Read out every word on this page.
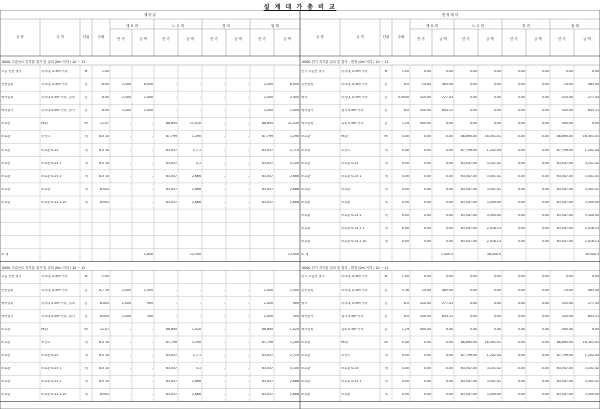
설 계 대 가 총 비 교
계 약 분
공 종	규 격	단위	수량
재 료 비
단 가	금 액
노 무 비
단 가	금 액
경 비
단 가	금 액
합 계
단 가	금 액
변 경 계 약
공 종	규 격	단위	수량
재 료 비
단 가	금 액
노 무 비
단 가	금 액
경 비
단 가	금 액
합 계
단 가	금 액
0000 고압선로 지지물 철거 및 설치 (0m 이하 / 10 ~ 12	0000 전기 지지물 설치 및 철거 - 변경 (0m 이하 / 10 ~ 12
고압 전선 철거	지지대, 0.5m 이하	M	1.00	전기 고압선 철거	지지대, 0.5m 이하	M	1.00	0.00	0.00	0.00	0.00	0.00	0.00	0.00	0.00
전선설치	지지대, 0.5m 이하	본	8.00	2,500	8,000	-	-	-	-	2,500	8,000 전선설치	지지대, 0.5m 이하	본	8.0	14.00	483.00	0.00	0.00	0.00	0.00	14.00	483.00
애자설치	지지대 0.5m 이하, 설치	본	8.00	2,500	2,400	-	-	-	-	2,500	2,400 애자	지지대, 0.5m 이하	본	0.0050	520.00	277.43	0.00	0.00	0.00	0.00	520.00	277.43
애자철거	지지대 0.5m 이하, 철거	본	8.00	2,500	2,000	-	-	-	-	2,500	2,000 애자철거	철거 0.5m 이하	본	8.0	520.00	643.11	0.00	0.00	0.00	0.00	520.00	643.11
보호관	PE관	m	12.07	-	-	88,895	11,520	-	-	88,895	11,520 애자설치	설치 0.5m 이하	본	1.29	400.00	9.00	0.00	0.00	0.00	0.00	400.00	9.00
보호관	조인트	개	8.0 10	-	-	87,799	1,290	-	-	87,799	1,290 보호관	PE관	m	0.00	0.00	0.00	88,895.00	16,301.01	0.00	0.00	88,895.00	16,301.01
보호관	보호관 0.25	개	8.0 10	-	-	63,047	2,7 1	-	-	63,047	2,710 보호관	조인트	개	0.00	0.00	0.00	87,799.00	1,202.04	0.00	0.00	87,799.00	1,202.04
보호관	보호관 0.25 1	개	8.0 10	-	-	63,047	5,1	-	-	63,047	5,100 보호관	보호관 0.25	개	0.00	0.00	0.00	63,047.00	3,101.42	0.00	0.00	63,047.00	3,101.42
보호관	보호관 0.25 2	개	8.0 10	-	-	63,047	2,666	-	-	63,047	2,666 보호관	보호관 0.25 1	개	0.00	0.00	0.00	63,047.00	3,501.41	0.00	0.00	63,047.00	3,501.41
보호관	보호관	개	8.002	-	-	63,047	2,666	-	-	63,047	2,666 보호관	보호관	개	0.00	0.00	0.00	63,047.00	3,501.41	0.00	0.00	63,047.00	3,501.41
보호관	보호관 0.25 2 20	개	8.002	-	-	63,047	2,666	-	-	63,047	2,666 보호관	보호관	개	0.00	0.00	0.00	63,047.00	3,500.00	0.00	0.00	63,047.00	3,500.00
보호관	보호관 0.25 2	개	0.00	0.00	0.00	63,047.00	3,500.00	0.00	0.00	63,047.00	3,500.00
보호관	보호관 0.25 2 1	개	0.00	0.00	0.00	63,047.00	2,018.13	0.00	0.00	63,047.00	2,018.13
보호관	보호관 0.25 2 20	개	0.00	0.00	0.00	63,047.00	2,018.13	0.00	0.00	63,047.00	2,018.13
소 계	1,800	12,200	13,000 소 계	1,000.3	38,000.0	39,000.3
0000 고압선로 지지물 철거 및 설치 (0m 이하 / 10 ~ 12	0000 전기 지지물 설치 및 철거 - 변경 (0m 이하 / 10 ~ 12
고압 전선 철거	지지대, 0.5m 이하	M	1.00	전기 고압선 철거	지지대, 0.5m 이하	M	1.00	0.00	0.00	0.00	0.00	0.00	0.00	0.00	0.00
전선설치	지지대, 0.5m 이하	본	8,7 10	2,000	1,500	-	-	-	-	2,000	1,500 전선설치	지지대, 0.5m 이하	본	5.36	14.00	483.00	0.00	0.00	0.00	0.00	14.00	483.00
애자설치	지지대 0.5m 이하, 설치	본	8.005	2,000	900	-	-	-	-	2,000	900 애자	지지대, 0.5m 이하	본	8.0	520.00	277.43	0.00	0.00	0.00	0.00	520.00	277.43
애자철거	지지대 0.5m 이하, 철거	본	8.005	2,000	300	-	-	-	-	2,000	300 애자철거	철거 0.5m 이하	본	8.0	520.00	643.11	0.00	0.00	0.00	0.00	520.00	643.11
보호관	PE관	m	12.07	-	-	88,895	1,020	-	-	88,895	1,020 애자설치	설치 0.5m 이하	본	1.29	400.00	9.00	0.00	0.00	0.00	0.00	400.00	9.00
보호관	조인트	개	8.0 10	-	-	87,799	1,290	-	-	87,799	1,290 보호관	PE관	m	0.00	0.00	0.00	88,895.00	16,301.01	0.00	0.00	88,895.00	16,301.01
보호관	보호관 0.25	개	8.0 10	-	-	63,047	2,7 1	-	-	63,047	2,710 보호관	조인트	개	0.00	0.00	0.00	87,799.00	1,202.04	0.00	0.00	87,799.00	1,202.04
보호관	보호관 0.25 1	개	8.0 10	-	-	63,047	5,1	-	-	63,047	5,100 보호관	보호관 0.25	개	0.00	0.00	0.00	63,047.00	3,101.42	0.00	0.00	63,047.00	3,101.42
보호관	보호관 0.25 2	개	8.0 10	-	-	63,047	2,666	-	-	63,047	2,666 보호관	보호관 0.25 1	개	0.00	0.00	0.00	63,047.00	3,501.41	0.00	0.00	63,047.00	3,501.41
보호관	보호관 0.25 2 20	개	8.002	-	-	63,047	2,666	-	-	63,047	2,666 보호관	보호관	개	0.00	0.00	0.00	63,047.00	3,500.00	0.00	0.00	63,047.00	3,500.00
